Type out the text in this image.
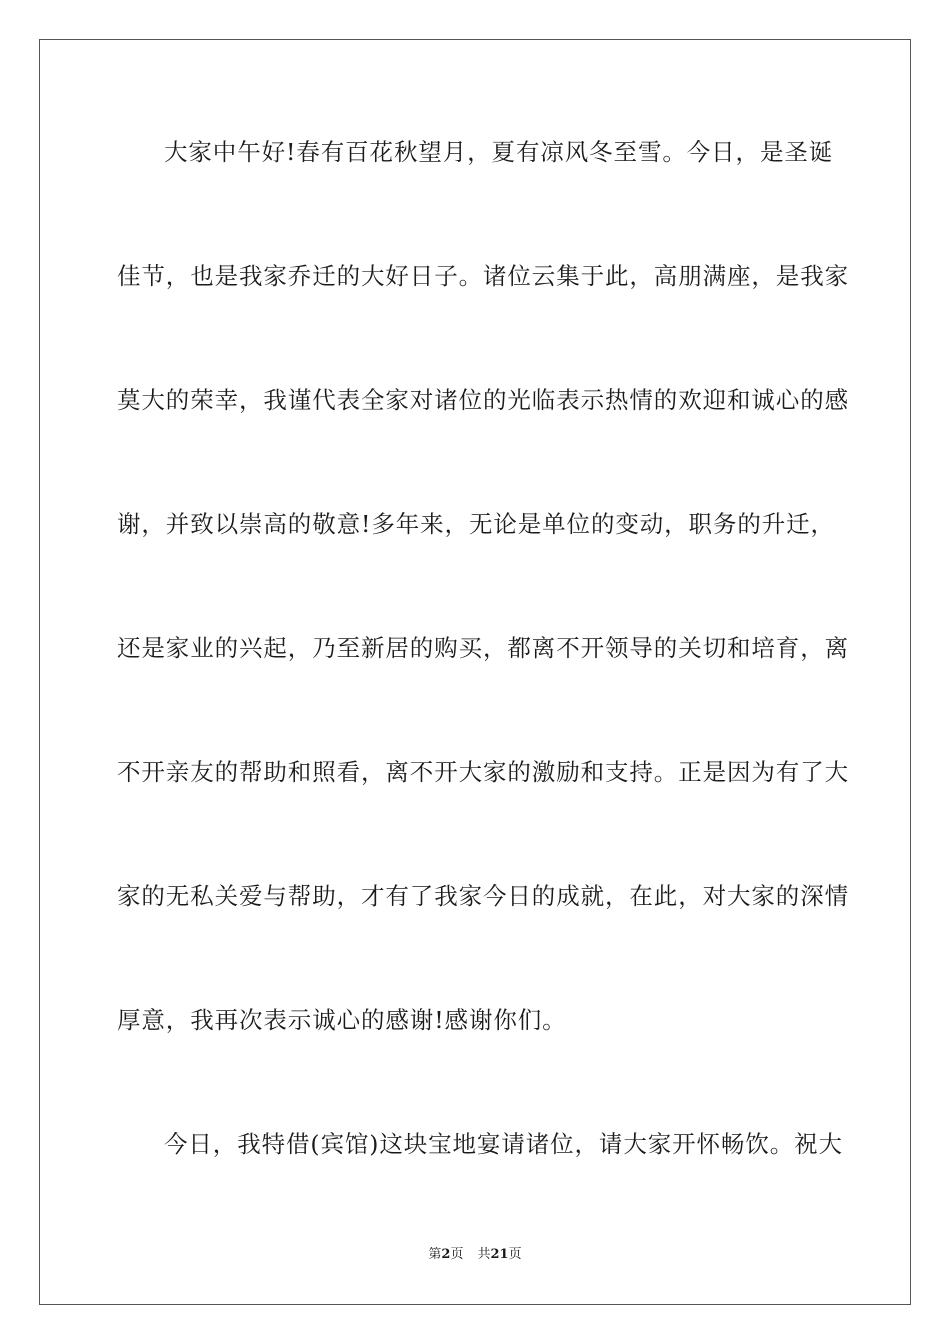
大家中午好!春有百花秋望月，夏有凉风冬至雪。今日，是圣诞
佳节，也是我家乔迁的大好日子。诸位云集于此，高朋满座，是我家
莫大的荣幸，我谨代表全家对诸位的光临表示热情的欢迎和诚心的感
谢，并致以崇高的敬意!多年来，无论是单位的变动，职务的升迁，
还是家业的兴起，乃至新居的购买，都离不开领导的关切和培育，离
不开亲友的帮助和照看，离不开大家的激励和支持。正是因为有了大
家的无私关爱与帮助，才有了我家今日的成就，在此，对大家的深情
厚意，我再次表示诚心的感谢!感谢你们。
今日，我特借(宾馆)这块宝地宴请诸位，请大家开怀畅饮。祝大
第2页 共21页
